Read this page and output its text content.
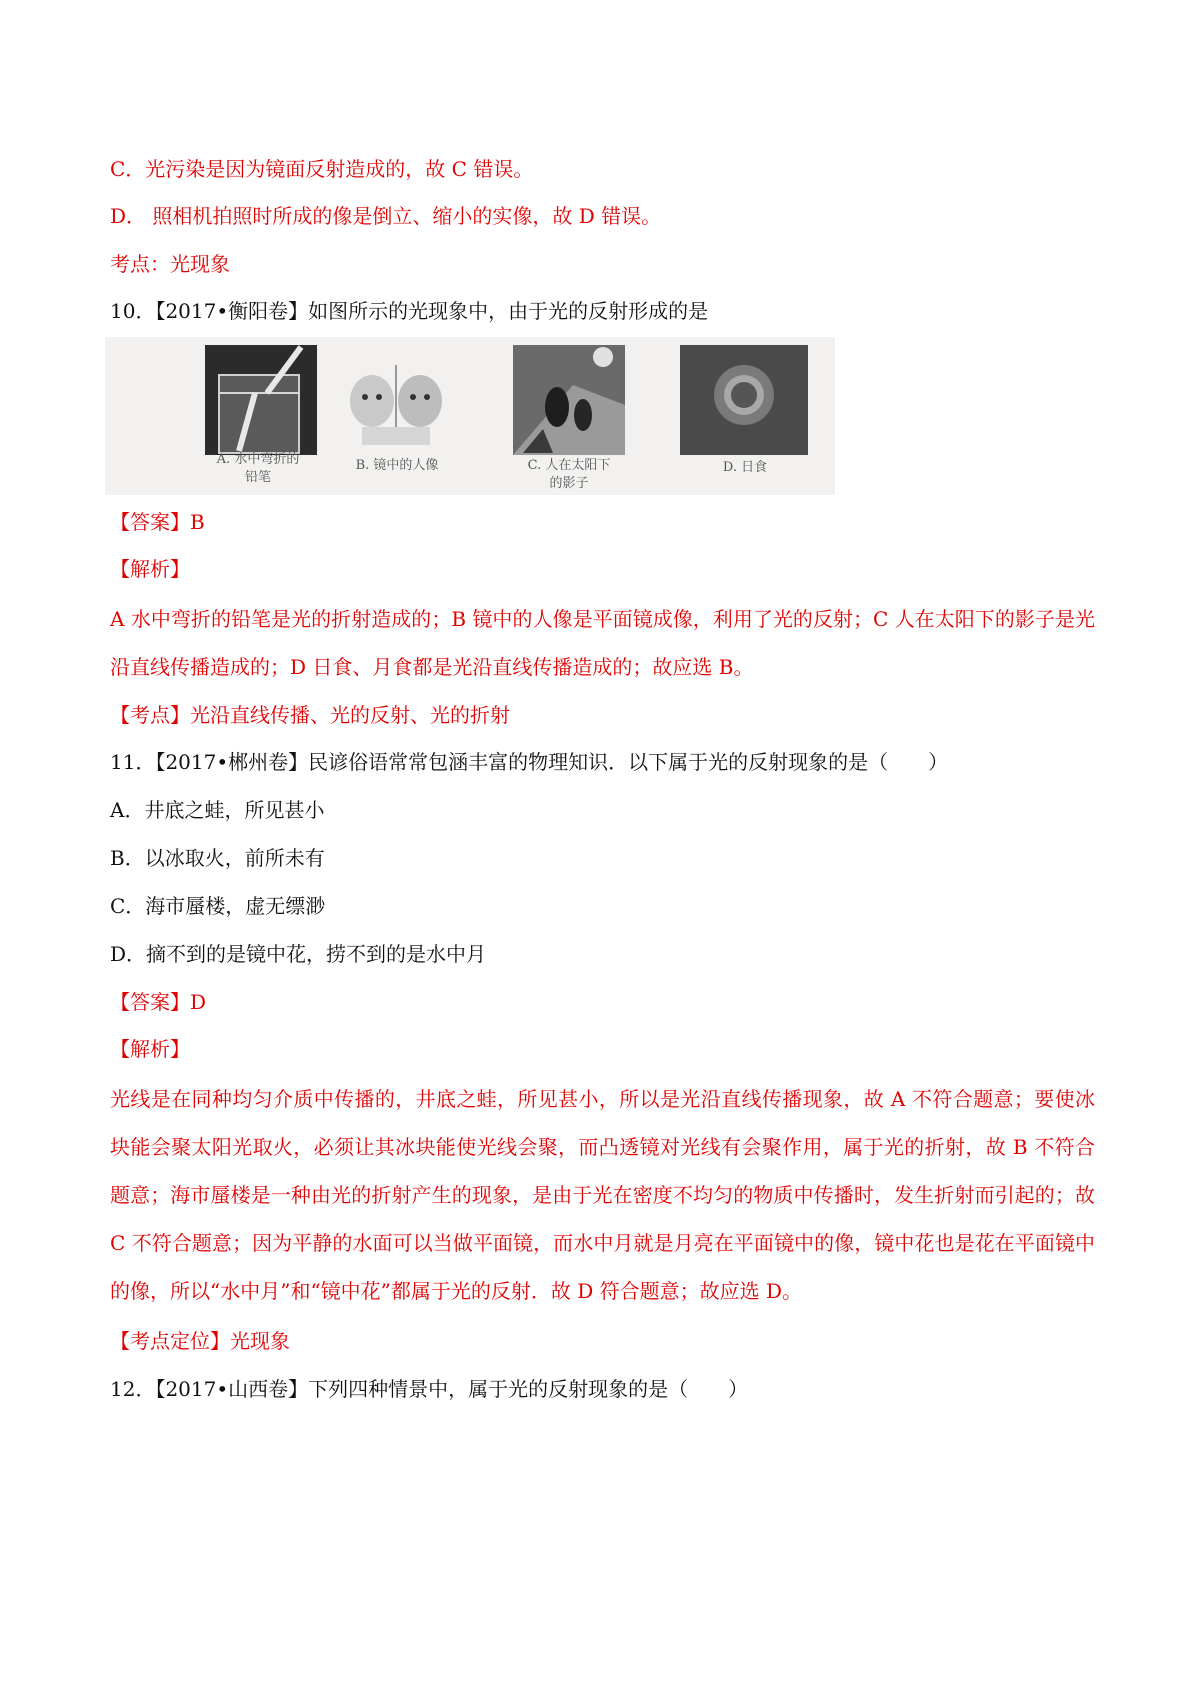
C．光污染是因为镜面反射造成的，故 C 错误。
D． 照相机拍照时所成的像是倒立、缩小的实像，故 D 错误。
考点：光现象
10．【2017•衡阳卷】如图所示的光现象中，由于光的反射形成的是
A. 水中弯折的
铅笔
B. 镜中的人像	C. 人在太阳下
的影子
D. 日食
【答案】B
【解析】
A 水中弯折的铅笔是光的折射造成的；B 镜中的人像是平面镜成像，利用了光的反射；C 人在太阳下的影子是光沿直线传播造成的；D 日食、月食都是光沿直线传播造成的；故应选 B。
【考点】光沿直线传播、光的反射、光的折射
11．【2017•郴州卷】民谚俗语常常包涵丰富的物理知识．以下属于光的反射现象的是（　　）
A．井底之蛙，所见甚小
B．以冰取火，前所未有
C．海市蜃楼，虚无缥渺
D．摘不到的是镜中花，捞不到的是水中月
【答案】D
【解析】
光线是在同种均匀介质中传播的，井底之蛙，所见甚小，所以是光沿直线传播现象，故 A 不符合题意；要使冰块能会聚太阳光取火，必须让其冰块能使光线会聚，而凸透镜对光线有会聚作用，属于光的折射，故 B 不符合题意；海市蜃楼是一种由光的折射产生的现象，是由于光在密度不均匀的物质中传播时，发生折射而引起的；故 C 不符合题意；因为平静的水面可以当做平面镜，而水中月就是月亮在平面镜中的像，镜中花也是花在平面镜中的像，所以“水中月”和“镜中花”都属于光的反射．故 D 符合题意；故应选 D。
【考点定位】光现象
12．【2017•山西卷】下列四种情景中，属于光的反射现象的是（　　）
